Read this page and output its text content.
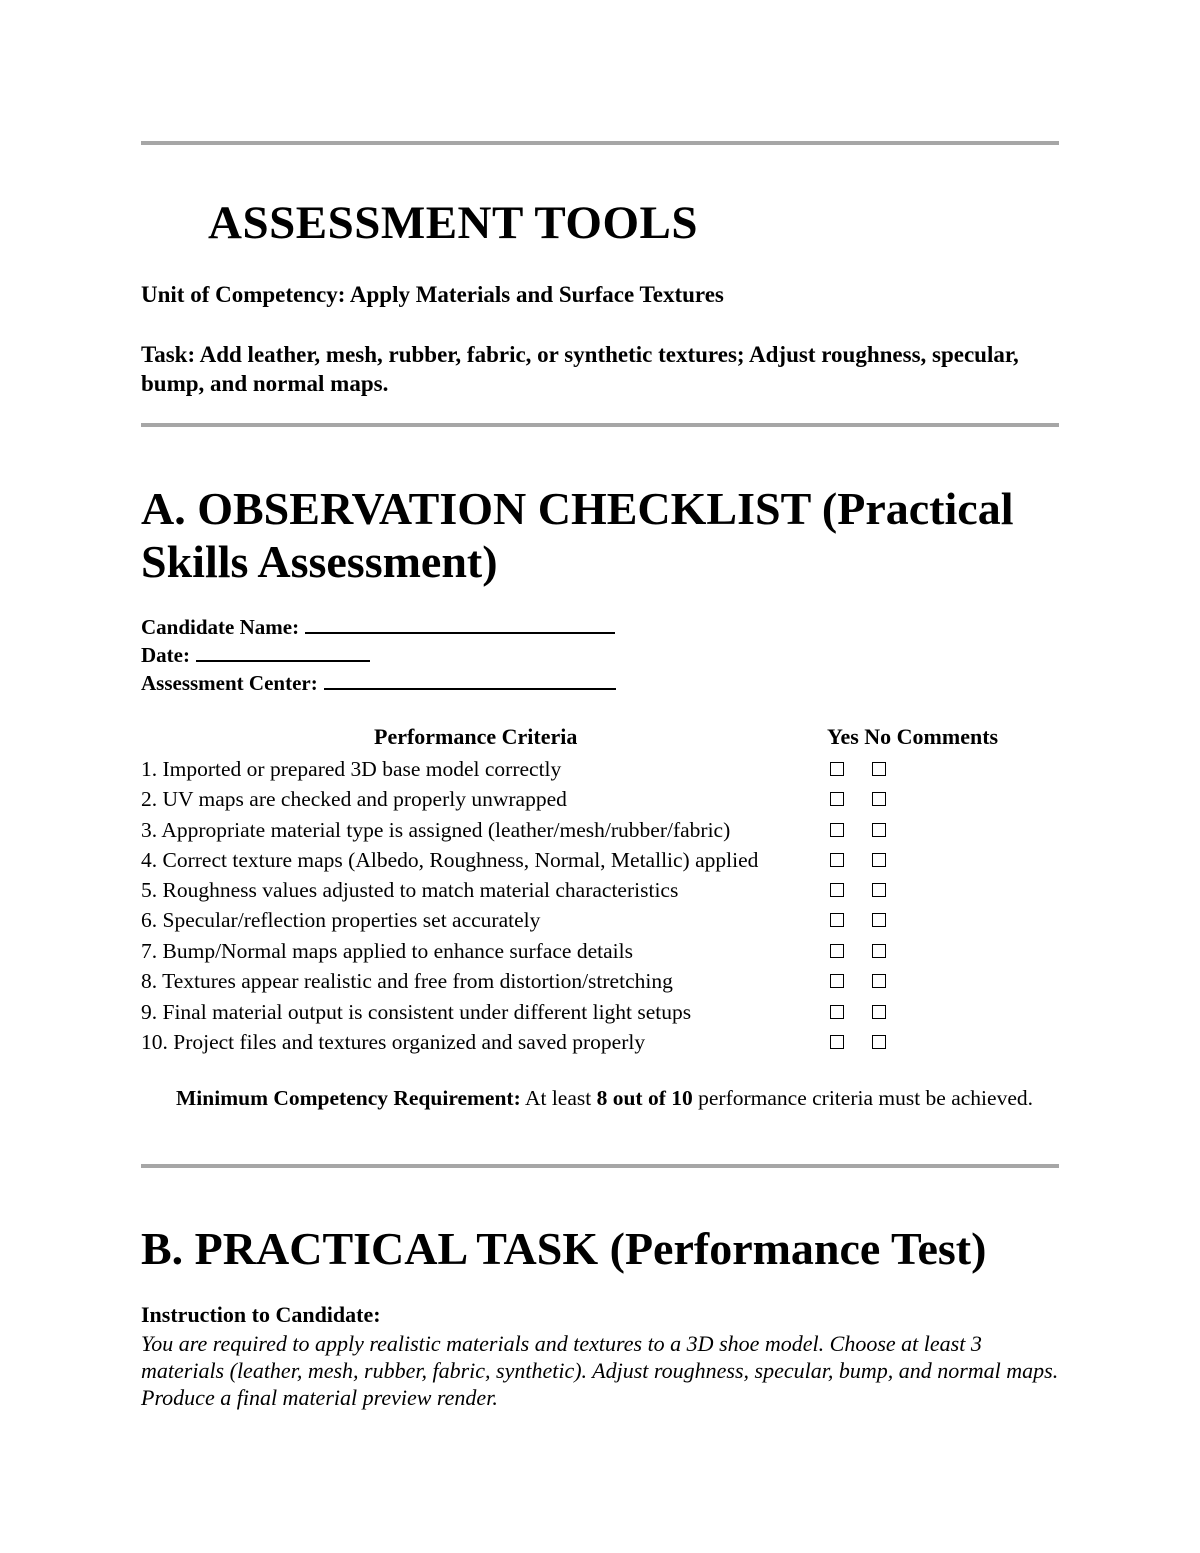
ASSESSMENT TOOLS
Unit of Competency: Apply Materials and Surface Textures
Task: Add leather, mesh, rubber, fabric, or synthetic textures; Adjust roughness, specular, bump, and normal maps.
A. OBSERVATION CHECKLIST (Practical Skills Assessment)
Candidate Name:
Date:
Assessment Center:
Performance Criteria	Yes No Comments
1. Imported or prepared 3D base model correctly
2. UV maps are checked and properly unwrapped
3. Appropriate material type is assigned (leather/mesh/rubber/fabric)
4. Correct texture maps (Albedo, Roughness, Normal, Metallic) applied
5. Roughness values adjusted to match material characteristics
6. Specular/reflection properties set accurately
7. Bump/Normal maps applied to enhance surface details
8. Textures appear realistic and free from distortion/stretching
9. Final material output is consistent under different light setups
10. Project files and textures organized and saved properly
Minimum Competency Requirement: At least 8 out of 10 performance criteria must be achieved.
B. PRACTICAL TASK (Performance Test)
Instruction to Candidate:
You are required to apply realistic materials and textures to a 3D shoe model. Choose at least 3 materials (leather, mesh, rubber, fabric, synthetic). Adjust roughness, specular, bump, and normal maps. Produce a final material preview render.
